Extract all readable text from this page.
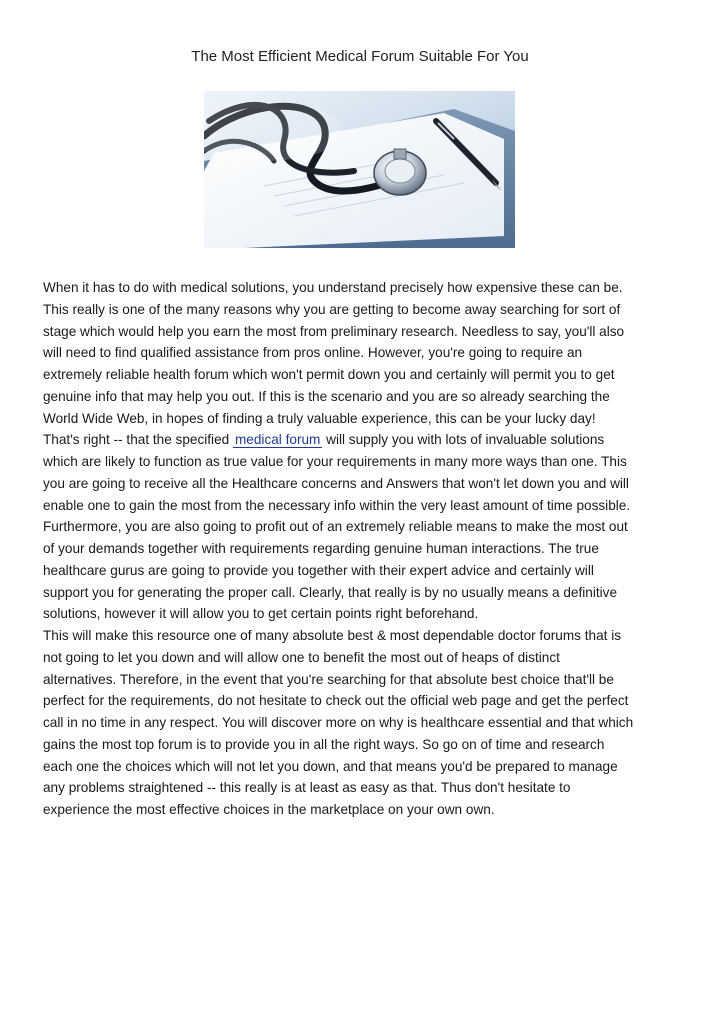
The Most Efficient Medical Forum Suitable For You
When it has to do with medical solutions, you understand precisely how expensive these can be.
This really is one of the many reasons why you are getting to become away searching for sort of
stage which would help you earn the most from preliminary research. Needless to say, you'll also
will need to find qualified assistance from pros online. However, you're going to require an
extremely reliable health forum which won't permit down you and certainly will permit you to get
genuine info that may help you out. If this is the scenario and you are so already searching the
World Wide Web, in hopes of finding a truly valuable experience, this can be your lucky day!
That's right -- that the specified medical forum will supply you with lots of invaluable solutions
which are likely to function as true value for your requirements in many more ways than one. This
you are going to receive all the Healthcare concerns and Answers that won't let down you and will
enable one to gain the most from the necessary info within the very least amount of time possible.
Furthermore, you are also going to profit out of an extremely reliable means to make the most out
of your demands together with requirements regarding genuine human interactions. The true
healthcare gurus are going to provide you together with their expert advice and certainly will
support you for generating the proper call. Clearly, that really is by no usually means a definitive
solutions, however it will allow you to get certain points right beforehand.
This will make this resource one of many absolute best & most dependable doctor forums that is
not going to let you down and will allow one to benefit the most out of heaps of distinct
alternatives. Therefore, in the event that you're searching for that absolute best choice that'll be
perfect for the requirements, do not hesitate to check out the official web page and get the perfect
call in no time in any respect. You will discover more on why is healthcare essential and that which
gains the most top forum is to provide you in all the right ways. So go on of time and research
each one the choices which will not let you down, and that means you'd be prepared to manage
any problems straightened -- this really is at least as easy as that. Thus don't hesitate to
experience the most effective choices in the marketplace on your own own.
